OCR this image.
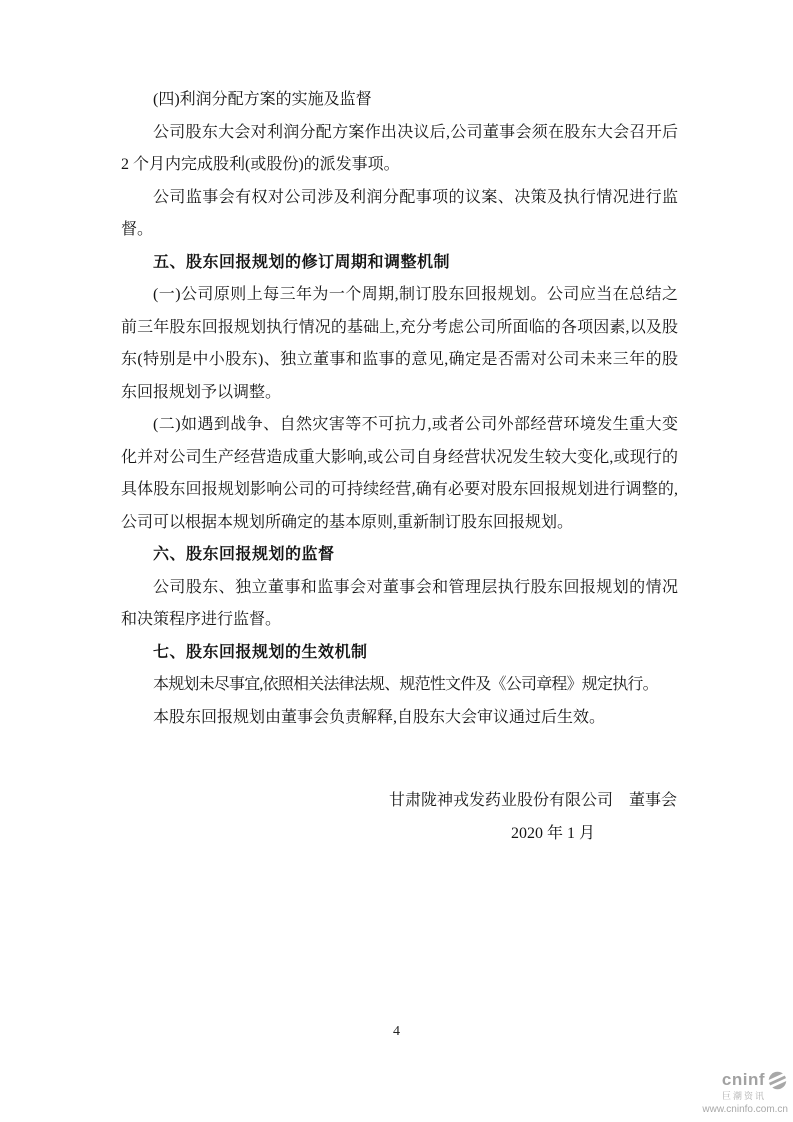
(四)利润分配方案的实施及监督

公司股东大会对利润分配方案作出决议后,公司董事会须在股东大会召开后 2 个月内完成股利(或股份)的派发事项。

公司监事会有权对公司涉及利润分配事项的议案、决策及执行情况进行监督。

五、股东回报规划的修订周期和调整机制

(一)公司原则上每三年为一个周期,制订股东回报规划。公司应当在总结之前三年股东回报规划执行情况的基础上,充分考虑公司所面临的各项因素,以及股东(特别是中小股东)、独立董事和监事的意见,确定是否需对公司未来三年的股东回报规划予以调整。

(二)如遇到战争、自然灾害等不可抗力,或者公司外部经营环境发生重大变化并对公司生产经营造成重大影响,或公司自身经营状况发生较大变化,或现行的具体股东回报规划影响公司的可持续经营,确有必要对股东回报规划进行调整的,公司可以根据本规划所确定的基本原则,重新制订股东回报规划。

六、股东回报规划的监督

公司股东、独立董事和监事会对董事会和管理层执行股东回报规划的情况和决策程序进行监督。

七、股东回报规划的生效机制

本规划未尽事宜,依照相关法律法规、规范性文件及《公司章程》规定执行。

本股东回报规划由董事会负责解释,自股东大会审议通过后生效。

甘肃陇神戎发药业股份有限公司　董事会
2020 年 1 月
4
cninf
巨潮资讯
www.cninfo.com.cn
